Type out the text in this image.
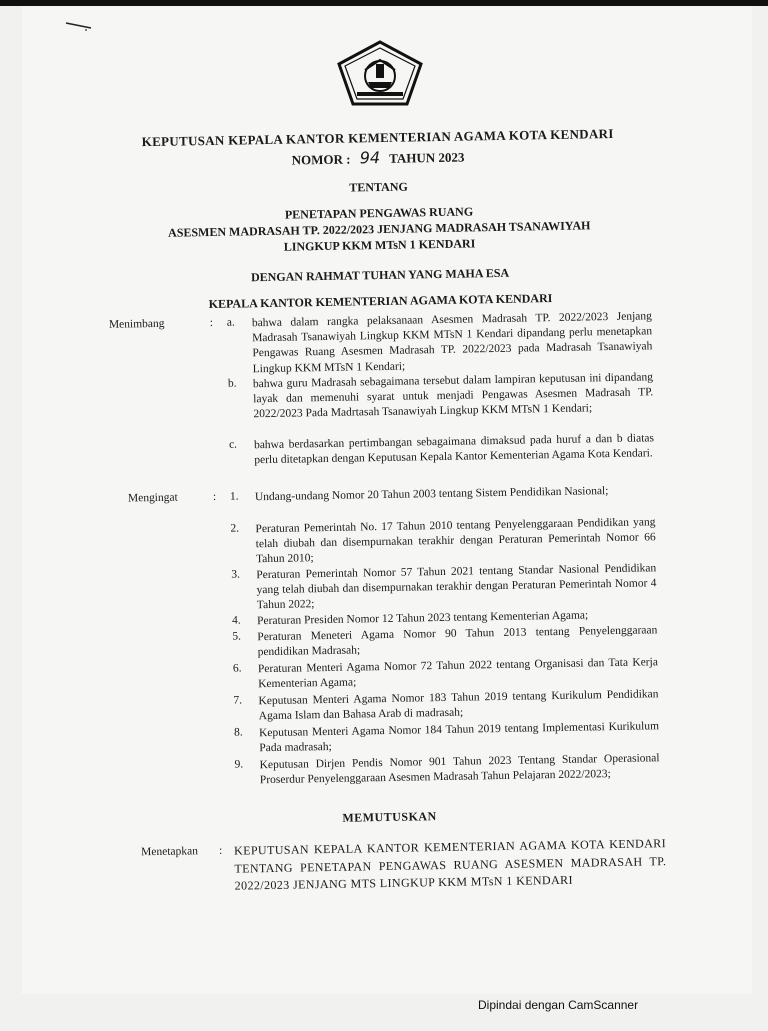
KEPUTUSAN KEPALA KANTOR KEMENTERIAN AGAMA KOTA KENDARI
NOMOR : 94 TAHUN 2023
TENTANG
PENETAPAN PENGAWAS RUANG
ASESMEN MADRASAH TP. 2022/2023 JENJANG MADRASAH TSANAWIYAH
LINGKUP KKM MTsN 1 KENDARI
DENGAN RAHMAT TUHAN YANG MAHA ESA
KEPALA KANTOR KEMENTERIAN AGAMA KOTA KENDARI
Menimbang	: a. bahwa dalam rangka pelaksanaan Asesmen Madrasah TP. 2022/2023 Jenjang Madrasah Tsanawiyah Lingkup KKM MTsN 1 Kendari dipandang perlu menetapkan Pengawas Ruang Asesmen Madrasah TP. 2022/2023 pada Madrasah Tsanawiyah Lingkup KKM MTsN 1 Kendari;
b. bahwa guru Madrasah sebagaimana tersebut dalam lampiran keputusan ini dipandang layak dan memenuhi syarat untuk menjadi Pengawas Asesmen Madrasah TP. 2022/2023 Pada Madrtasah Tsanawiyah Lingkup KKM MTsN 1 Kendari;
c. bahwa berdasarkan pertimbangan sebagaimana dimaksud pada huruf a dan b diatas perlu ditetapkan dengan Keputusan Kepala Kantor Kementerian Agama Kota Kendari.
Mengingat	: 1. Undang-undang Nomor 20 Tahun 2003 tentang Sistem Pendidikan Nasional;
2. Peraturan Pemerintah No. 17 Tahun 2010 tentang Penyelenggaraan Pendidikan yang telah diubah dan disempurnakan terakhir dengan Peraturan Pemerintah Nomor 66 Tahun 2010;
3. Peraturan Pemerintah Nomor 57 Tahun 2021 tentang Standar Nasional Pendidikan yang telah diubah dan disempurnakan terakhir dengan Peraturan Pemerintah Nomor 4 Tahun 2022;
4. Peraturan Presiden Nomor 12 Tahun 2023 tentang Kementerian Agama;
5. Peraturan Meneteri Agama Nomor 90 Tahun 2013 tentang Penyelenggaraan pendidikan Madrasah;
6. Peraturan Menteri Agama Nomor 72 Tahun 2022 tentang Organisasi dan Tata Kerja Kementerian Agama;
7. Keputusan Menteri Agama Nomor 183 Tahun 2019 tentang Kurikulum Pendidikan Agama Islam dan Bahasa Arab di madrasah;
8. Keputusan Menteri Agama Nomor 184 Tahun 2019 tentang Implementasi Kurikulum Pada madrasah;
9. Keputusan Dirjen Pendis Nomor 901 Tahun 2023 Tentang Standar Operasional Proserdur Penyelenggaraan Asesmen Madrasah Tahun Pelajaran 2022/2023;
MEMUTUSKAN
Menetapkan : KEPUTUSAN KEPALA KANTOR KEMENTERIAN AGAMA KOTA KENDARI TENTANG PENETAPAN PENGAWAS RUANG ASESMEN MADRASAH TP. 2022/2023 JENJANG MTS LINGKUP KKM MTsN 1 KENDARI
Dipindai dengan CamScanner
